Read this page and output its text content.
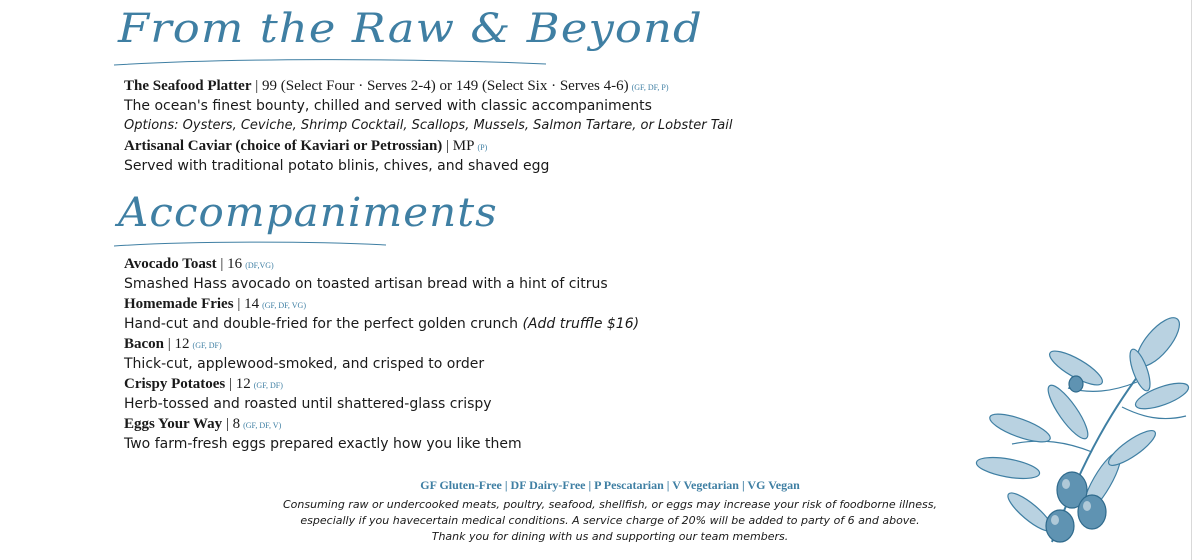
From the Raw & Beyond
The Seafood Platter | 99 (Select Four · Serves 2-4) or 149 (Select Six · Serves 4-6) (GF, DF, P)
The ocean's finest bounty, chilled and served with classic accompaniments
Options: Oysters, Ceviche, Shrimp Cocktail, Scallops, Mussels, Salmon Tartare, or Lobster Tail
Artisanal Caviar (choice of Kaviari or Petrossian) | MP (P)
Served with traditional potato blinis, chives, and shaved egg
Accompaniments
Avocado Toast | 16 (DF,VG)
Smashed Hass avocado on toasted artisan bread with a hint of citrus
Homemade Fries | 14 (GF, DF, VG)
Hand-cut and double-fried for the perfect golden crunch (Add truffle $16)
Bacon | 12 (GF, DF)
Thick-cut, applewood-smoked, and crisped to order
Crispy Potatoes | 12 (GF, DF)
Herb-tossed and roasted until shattered-glass crispy
Eggs Your Way | 8 (GF, DF, V)
Two farm-fresh eggs prepared exactly how you like them
GF Gluten-Free | DF Dairy-Free | P Pescatarian | V Vegetarian | VG Vegan
Consuming raw or undercooked meats, poultry, seafood, shellfish, or eggs may increase your risk of foodborne illness,
especially if you havecertain medical conditions. A service charge of 20% will be added to party of 6 and above.
Thank you for dining with us and supporting our team members.
